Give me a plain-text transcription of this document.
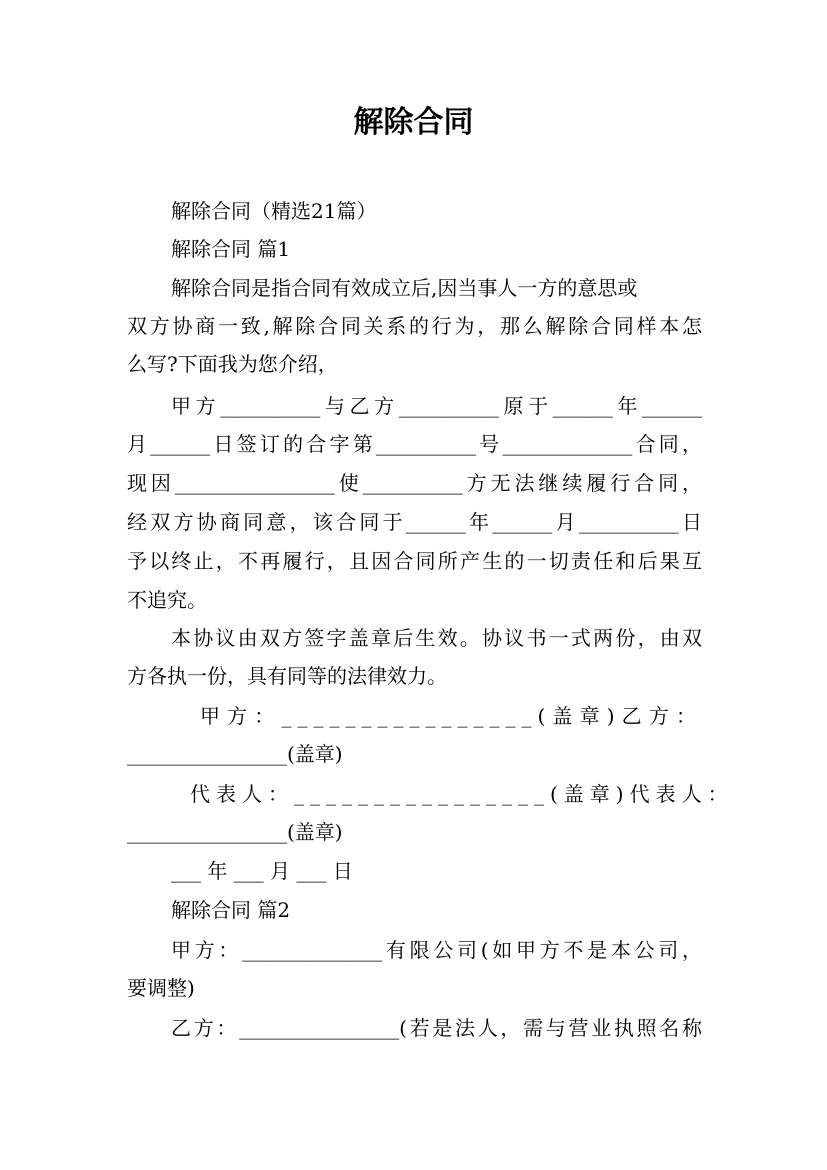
解除合同

解除合同（精选21篇）

解除合同 篇1

解除合同是指合同有效成立后,因当事人一方的意思或

双方协商一致,解除合同关系的行为，那么解除合同样本怎

么写?下面我为您介绍，

甲方__________与乙方__________原于______年______

月______日签订的合字第__________号_____________合同，

现因________________使__________方无法继续履行合同，

经双方协商同意，该合同于______年______月__________日

予以终止，不再履行，且因合同所产生的一切责任和后果互

不追究。

本协议由双方签字盖章后生效。协议书一式两份，由双

方各执一份，具有同等的法律效力。

甲方：________________(盖章)乙方：

________________(盖章)

代表人：________________(盖章)代表人：

________________(盖章)

___ 年 ___ 月 ___ 日

解除合同 篇2

甲方：______________有限公司(如甲方不是本公司，

要调整)

乙方：________________(若是法人，需与营业执照名称
